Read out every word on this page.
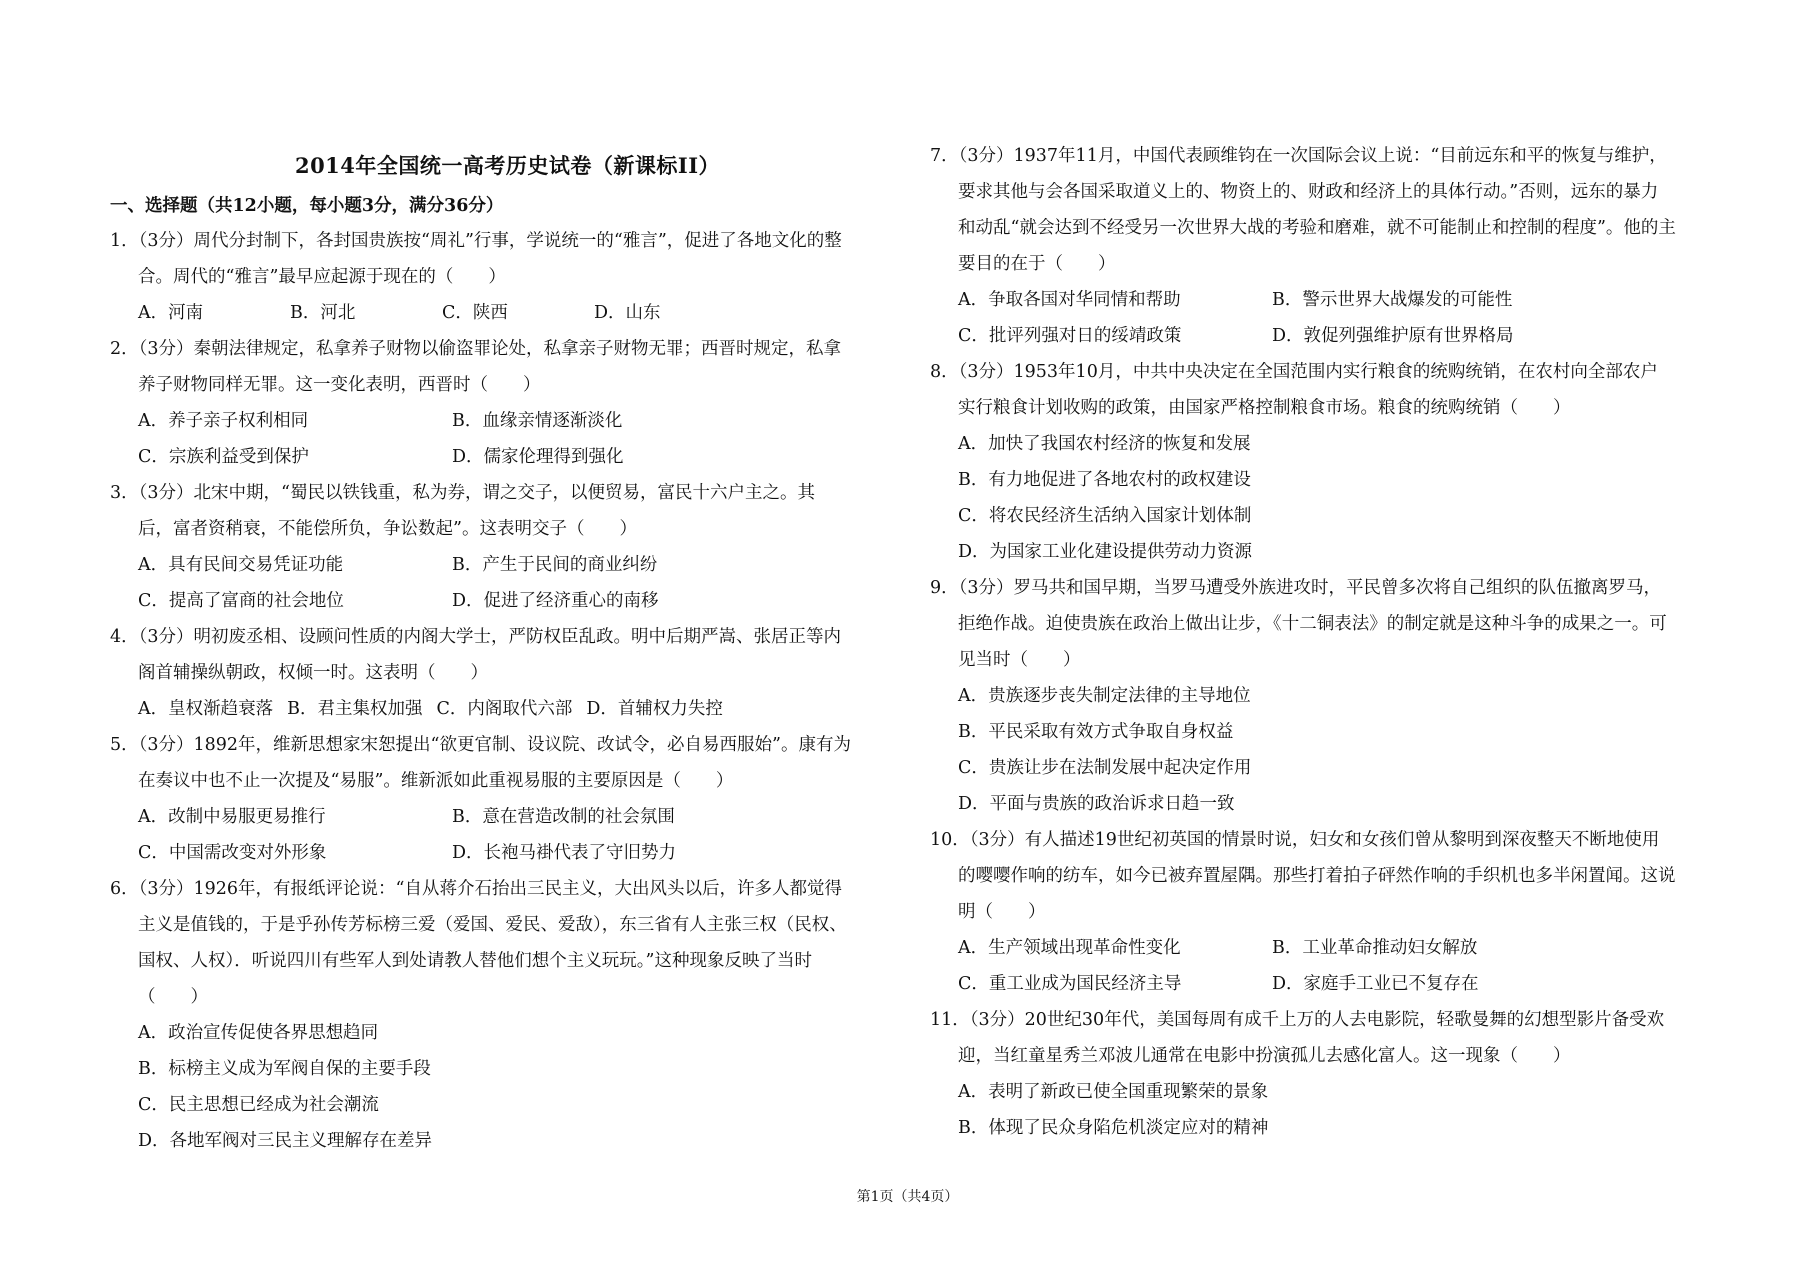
2014年全国统一高考历史试卷（新课标II）
一、选择题（共12小题，每小题3分，满分36分）
1．（3分）周代分封制下，各封国贵族按“周礼”行事，学说统一的“雅言”，促进了各地文化的整
合。周代的“雅言”最早应起源于现在的（　　）
A．河南	B．河北	C．陕西	D．山东
2．（3分）秦朝法律规定，私拿养子财物以偷盗罪论处，私拿亲子财物无罪；西晋时规定，私拿
养子财物同样无罪。这一变化表明，西晋时（　　）
A．养子亲子权利相同	B．血缘亲情逐渐淡化
C．宗族利益受到保护	D．儒家伦理得到强化
3．（3分）北宋中期，“蜀民以铁钱重，私为券，谓之交子，以便贸易，富民十六户主之。其
后，富者资稍衰，不能偿所负，争讼数起”。这表明交子（　　）
A．具有民间交易凭证功能	B．产生于民间的商业纠纷
C．提高了富商的社会地位	D．促进了经济重心的南移
4．（3分）明初废丞相、设顾问性质的内阁大学士，严防权臣乱政。明中后期严嵩、张居正等内
阁首辅操纵朝政，权倾一时。这表明（　　）
A．皇权渐趋衰落 B．君主集权加强 C．内阁取代六部 D．首辅权力失控
5．（3分）1892年，维新思想家宋恕提出“欲更官制、设议院、改试令，必自易西服始”。康有为
在奏议中也不止一次提及“易服”。维新派如此重视易服的主要原因是（　　）
A．改制中易服更易推行	B．意在营造改制的社会氛围
C．中国需改变对外形象	D．长袍马褂代表了守旧势力
6．（3分）1926年，有报纸评论说：“自从蒋介石抬出三民主义，大出风头以后，许多人都觉得
主义是值钱的，于是乎孙传芳标榜三爱（爱国、爱民、爱敌），东三省有人主张三权（民权、
国权、人权）．听说四川有些军人到处请教人替他们想个主义玩玩。”这种现象反映了当时
（　　）
A．政治宣传促使各界思想趋同
B．标榜主义成为军阀自保的主要手段
C．民主思想已经成为社会潮流
D．各地军阀对三民主义理解存在差异
7．（3分）1937年11月，中国代表顾维钧在一次国际会议上说：“目前远东和平的恢复与维护，
要求其他与会各国采取道义上的、物资上的、财政和经济上的具体行动。”否则，远东的暴力
和动乱“就会达到不经受另一次世界大战的考验和磨难，就不可能制止和控制的程度”。他的主
要目的在于（　　）
A．争取各国对华同情和帮助	B．警示世界大战爆发的可能性
C．批评列强对日的绥靖政策	D．敦促列强维护原有世界格局
8．（3分）1953年10月，中共中央决定在全国范围内实行粮食的统购统销，在农村向全部农户
实行粮食计划收购的政策，由国家严格控制粮食市场。粮食的统购统销（　　）
A．加快了我国农村经济的恢复和发展
B．有力地促进了各地农村的政权建设
C．将农民经济生活纳入国家计划体制
D．为国家工业化建设提供劳动力资源
9．（3分）罗马共和国早期，当罗马遭受外族进攻时，平民曾多次将自己组织的队伍撤离罗马，
拒绝作战。迫使贵族在政治上做出让步，《十二铜表法》的制定就是这种斗争的成果之一。可
见当时（　　）
A．贵族逐步丧失制定法律的主导地位
B．平民采取有效方式争取自身权益
C．贵族让步在法制发展中起决定作用
D．平面与贵族的政治诉求日趋一致
10．（3分）有人描述19世纪初英国的情景时说，妇女和女孩们曾从黎明到深夜整天不断地使用
的嘤嘤作响的纺车，如今已被弃置屋隅。那些打着拍子砰然作响的手织机也多半闲置闻。这说
明（　　）
A．生产领域出现革命性变化	B．工业革命推动妇女解放
C．重工业成为国民经济主导	D．家庭手工业已不复存在
11．（3分）20世纪30年代，美国每周有成千上万的人去电影院，轻歌曼舞的幻想型影片备受欢
迎，当红童星秀兰邓波儿通常在电影中扮演孤儿去感化富人。这一现象（　　）
A．表明了新政已使全国重现繁荣的景象
B．体现了民众身陷危机淡定应对的精神
第1页（共4页）
